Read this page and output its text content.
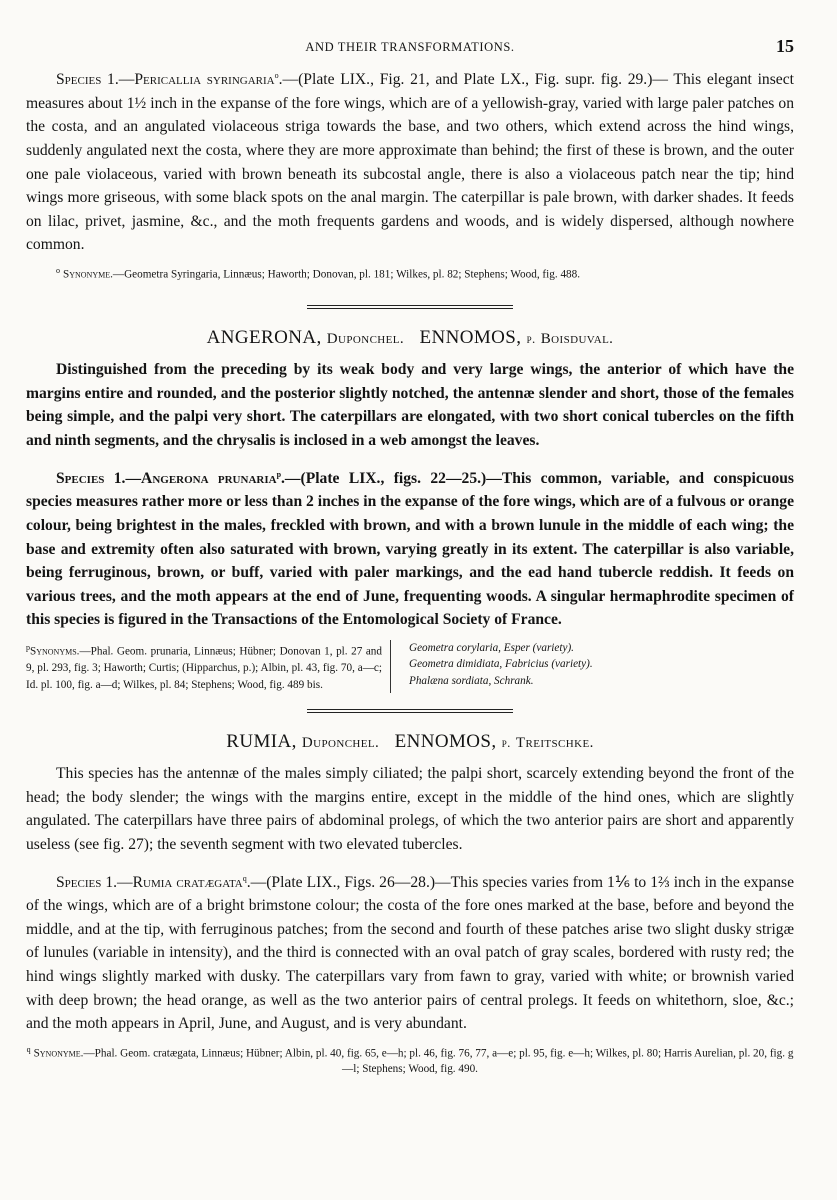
AND THEIR TRANSFORMATIONS.	15

Species 1.—Pericallia syringaria$^o$.—(Plate LIX., Fig. 21, and Plate LX., Fig. supr. fig. 29.)— This elegant insect measures about 1½ inch in the expanse of the fore wings, which are of a yellowish-gray, varied with large paler patches on the costa, and an angulated violaceous striga towards the base, and two others, which extend across the hind wings, suddenly angulated next the costa, where they are more approximate than behind; the first of these is brown, and the outer one pale violaceous, varied with brown beneath its subcostal angle, there is also a violaceous patch near the tip; hind wings more griseous, with some black spots on the anal margin. The caterpillar is pale brown, with darker shades. It feeds on lilac, privet, jasmine, &c., and the moth frequents gardens and woods, and is widely dispersed, although nowhere common.

$^o$ Synonyme.—Geometra Syringaria, Linnæus; Haworth; Donovan, pl. 181; Wilkes, pl. 82; Stephens; Wood, fig. 488.

ANGERONA, Duponchel. ENNOMOS, p. Boisduval.

Distinguished from the preceding by its weak body and very large wings, the anterior of which have the margins entire and rounded, and the posterior slightly notched, the antennæ slender and short, those of the females being simple, and the palpi very short. The caterpillars are elongated, with two short conical tubercles on the fifth and ninth segments, and the chrysalis is inclosed in a web amongst the leaves.

Species 1.—Angerona prunaria$^p$.—(Plate LIX., figs. 22—25.)—This common, variable, and conspicuous species measures rather more or less than 2 inches in the expanse of the fore wings, which are of a fulvous or orange colour, being brightest in the males, freckled with brown, and with a brown lunule in the middle of each wing; the base and extremity often also saturated with brown, varying greatly in its extent. The caterpillar is also variable, being ferruginous, brown, or buff, varied with paler markings, and the ead hand tubercle reddish. It feeds on various trees, and the moth appears at the end of June, frequenting woods. A singular hermaphrodite specimen of this species is figured in the Transactions of the Entomological Society of France.

$^p$Synonyms.—Phal. Geom. prunaria, Linnæus; Hübner; Donovan 1, pl. 27 and 9, pl. 293, fig. 3; Haworth; Curtis; (Hipparchus, p.); Albin, pl. 43, fig. 70, a—c; Id. pl. 100, fig. a—d; Wilkes, pl. 84; Stephens; Wood, fig. 489 bis.
Geometra corylaria, Esper (variety).
Geometra dimidiata, Fabricius (variety).
Phalæna sordiata, Schrank.
RUMIA, Duponchel. ENNOMOS, p. Treitschke.

This species has the antennæ of the males simply ciliated; the palpi short, scarcely extending beyond the front of the head; the body slender; the wings with the margins entire, except in the middle of the hind ones, which are slightly angulated. The caterpillars have three pairs of abdominal prolegs, of which the two anterior pairs are short and apparently useless (see fig. 27); the seventh segment with two elevated tubercles.

Species 1.—Rumia cratægata$^q$.—(Plate LIX., Figs. 26—28.)—This species varies from 1⅙ to 1⅔ inch in the expanse of the wings, which are of a bright brimstone colour; the costa of the fore ones marked at the base, before and beyond the middle, and at the tip, with ferruginous patches; from the second and fourth of these patches arise two slight dusky strigæ of lunules (variable in intensity), and the third is connected with an oval patch of gray scales, bordered with rusty red; the hind wings slightly marked with dusky. The caterpillars vary from fawn to gray, varied with white; or brownish varied with deep brown; the head orange, as well as the two anterior pairs of central prolegs. It feeds on whitethorn, sloe, &c.; and the moth appears in April, June, and August, and is very abundant.

$^q$ Synonyme.—Phal. Geom. cratægata, Linnæus; Hübner; Albin, pl. 40, fig. 65, e—h; pl. 46, fig. 76, 77, a—e; pl. 95, fig. e—h; Wilkes, pl. 80; Harris Aurelian, pl. 20, fig. g—l; Stephens; Wood, fig. 490.
